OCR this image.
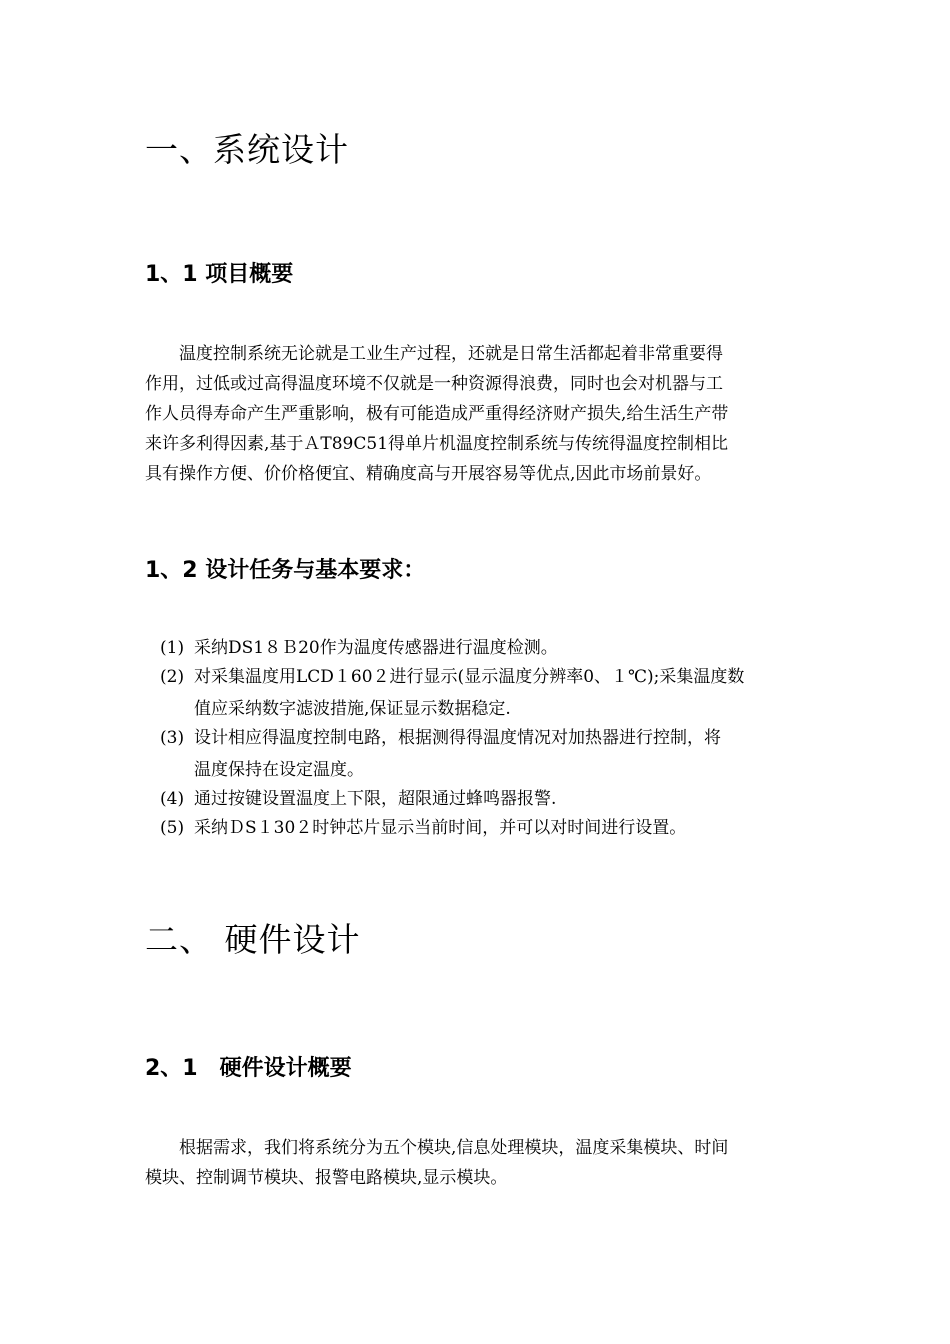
一、系统设计
1、1 项目概要
　　温度控制系统无论就是工业生产过程，还就是日常生活都起着非常重要得
作用，过低或过高得温度环境不仅就是一种资源得浪费，同时也会对机器与工
作人员得寿命产生严重影响，极有可能造成严重得经济财产损失,给生活生产带
来许多利得因素,基于ＡT89C51得单片机温度控制系统与传统得温度控制相比
具有操作方便、价价格便宜、精确度高与开展容易等优点,因此市场前景好。
1、2 设计任务与基本要求：
(1) 采纳DS1８Ｂ20作为温度传感器进行温度检测。
(2) 对采集温度用LCD１60２进行显示(显示温度分辨率0、１℃);采集温度数
值应采纳数字滤波措施,保证显示数据稳定.
(3) 设计相应得温度控制电路，根据测得得温度情况对加热器进行控制，将
温度保持在设定温度。
(4) 通过按键设置温度上下限，超限通过蜂鸣器报警.
(5) 采纳ＤS１30２时钟芯片显示当前时间，并可以对时间进行设置。
二、 硬件设计
2、1　硬件设计概要
　　根据需求，我们将系统分为五个模块,信息处理模块，温度采集模块、时间
模块、控制调节模块、报警电路模块,显示模块。
